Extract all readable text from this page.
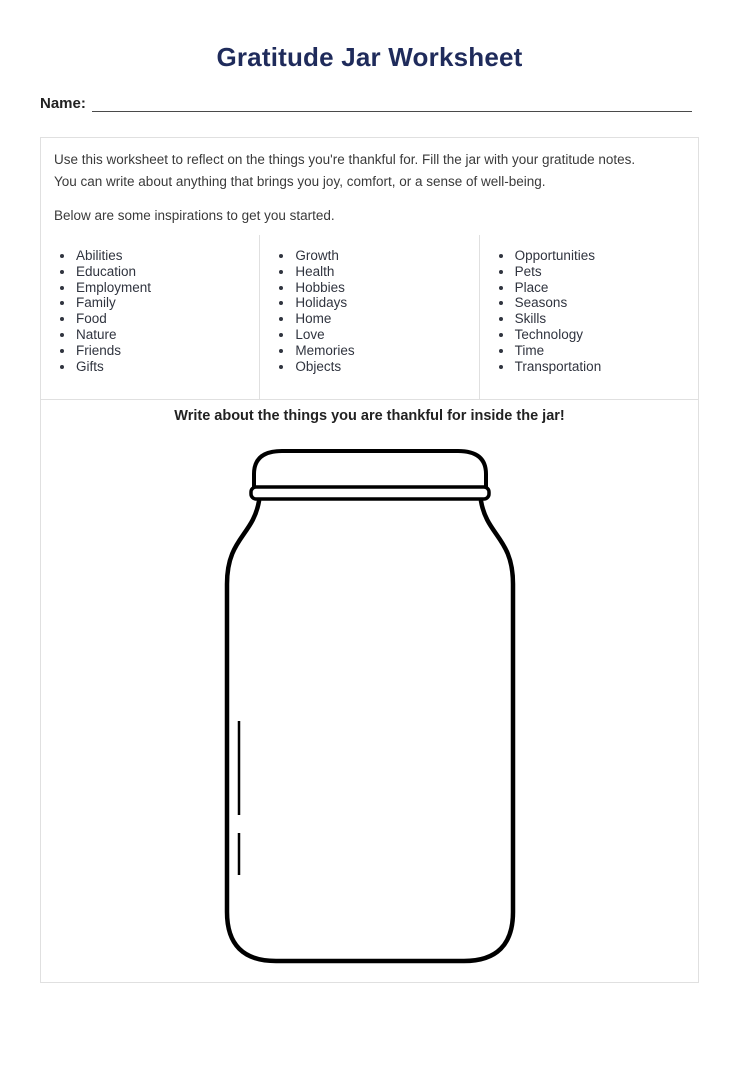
Gratitude Jar Worksheet
Name:
Use this worksheet to reflect on the things you're thankful for. Fill the jar with your gratitude notes.
You can write about anything that brings you joy, comfort, or a sense of well-being.
Below are some inspirations to get you started.
• Abilities
• Education
• Employment
• Family
• Food
• Nature
• Friends
• Gifts
• Growth
• Health
• Hobbies
• Holidays
• Home
• Love
• Memories
• Objects
• Opportunities
• Pets
• Place
• Seasons
• Skills
• Technology
• Time
• Transportation
Write about the things you are thankful for inside the jar!
